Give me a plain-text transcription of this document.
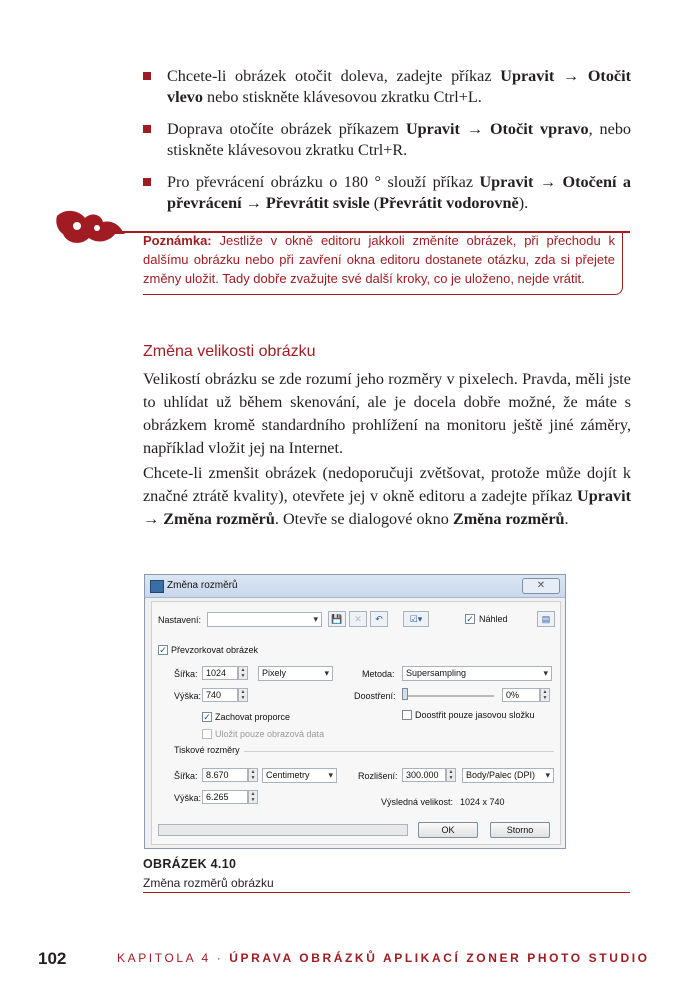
Chcete-li obrázek otočit doleva, zadejte příkaz Upravit → Otočit vlevo nebo stiskněte klávesovou zkratku Ctrl+L.
Doprava otočíte obrázek příkazem Upravit → Otočit vpravo, nebo stiskněte klávesovou zkratku Ctrl+R.
Pro převrácení obrázku o 180 ° slouží příkaz Upravit → Otočení a převrácení → Převrátit svisle (Převrátit vodorovně).
Poznámka: Jestliže v okně editoru jakkoli změníte obrázek, při přechodu k dalšímu obrázku nebo při zavření okna editoru dostanete otázku, zda si přejete změny uložit. Tady dobře zvažujte své další kroky, co je uloženo, nejde vrátit.
Změna velikosti obrázku

Velikostí obrázku se zde rozumí jeho rozměry v pixelech. Pravda, měli jste to uhlídat už během skenování, ale je docela dobře možné, že máte s obrázkem kromě standardního prohlížení na monitoru ještě jiné záměry, například vložit jej na Internet.

Chcete-li zmenšit obrázek (nedoporučuji zvětšovat, protože může dojít k značné ztrátě kvality), otevřete jej v okně editoru a zadejte příkaz Upravit → Změna rozměrů. Otevře se dialogové okno Změna rozměrů.

Změna rozměrů	✕
Nastavení:
▾	💾	✕	↶	☑▾	✓ Náhled	▤
✓ Převzorkovat obrázek
Šířka: 1024	▲
▼	Pixely ▾
Výška: 740	▲
▼
✓ Zachovat proporce
Uložit pouze obrazová data
Metoda:	Supersampling ▾
Doostření:	0%	▲
▼
Doostřit pouze jasovou složku
Tiskové rozměry
Šířka: 8.670	▲
▼	Centimetry ▾
Výška: 6.265	▲
▼
Rozlišení: 300.000	▲
▼	Body/Palec (DPI) ▾
Výsledná velikost: 1024 x 740
OK	Storno
OBRÁZEK 4.10
Změna rozměrů obrázku
102	KAPITOLA 4 · ÚPRAVA OBRÁZKŮ APLIKACÍ ZONER PHOTO STUDIO
